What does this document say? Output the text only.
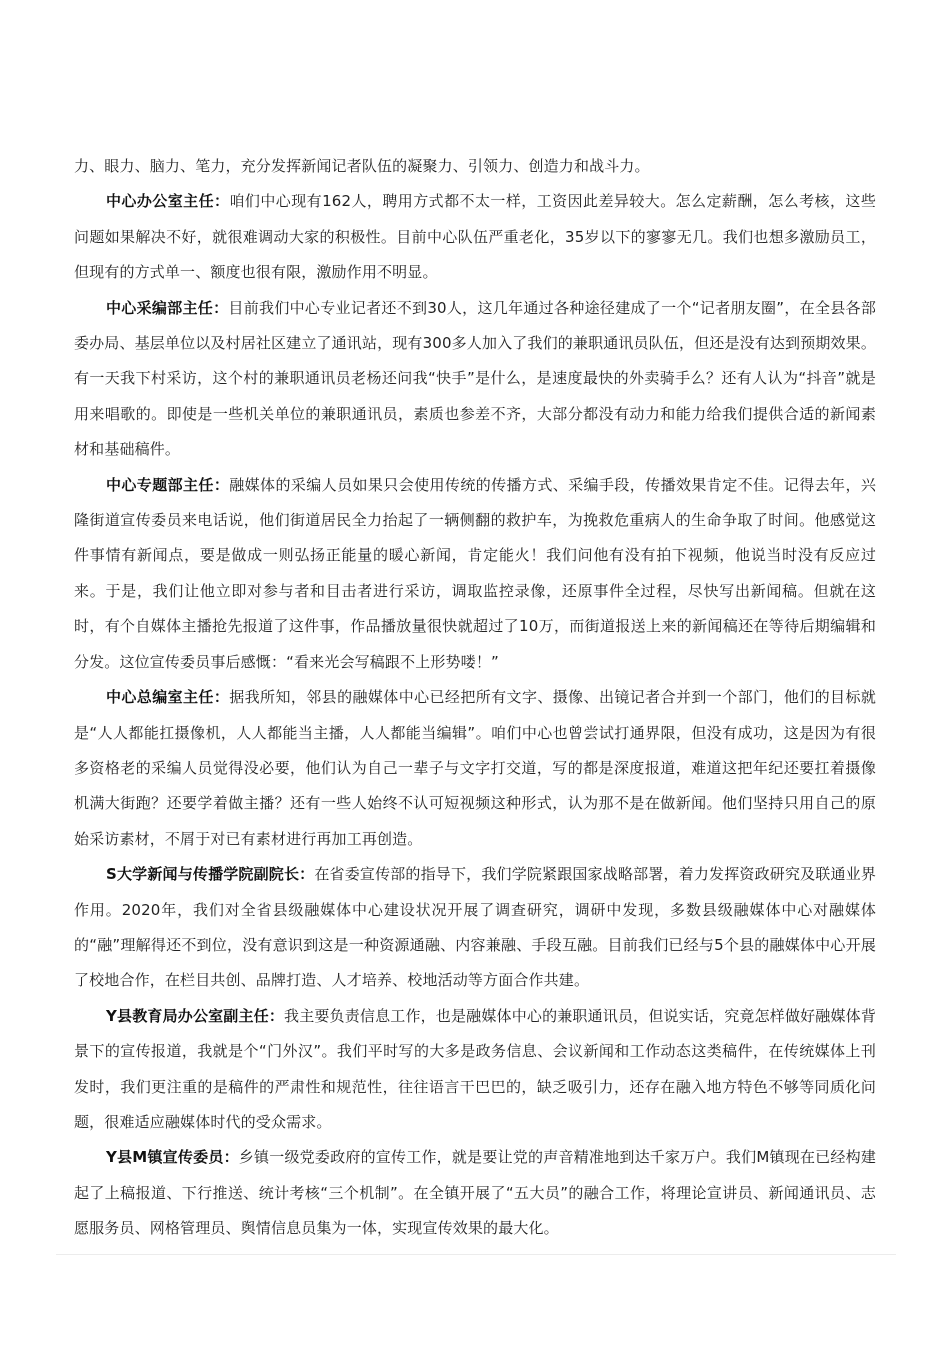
力、眼力、脑力、笔力，充分发挥新闻记者队伍的凝聚力、引领力、创造力和战斗力。

中心办公室主任：咱们中心现有162人，聘用方式都不太一样，工资因此差异较大。怎么定薪酬，怎么考核，这些问题如果解决不好，就很难调动大家的积极性。目前中心队伍严重老化，35岁以下的寥寥无几。我们也想多激励员工，但现有的方式单一、额度也很有限，激励作用不明显。

中心采编部主任：目前我们中心专业记者还不到30人，这几年通过各种途径建成了一个“记者朋友圈”，在全县各部委办局、基层单位以及村居社区建立了通讯站，现有300多人加入了我们的兼职通讯员队伍，但还是没有达到预期效果。有一天我下村采访，这个村的兼职通讯员老杨还问我“快手”是什么，是速度最快的外卖骑手么？还有人认为“抖音”就是用来唱歌的。即使是一些机关单位的兼职通讯员，素质也参差不齐，大部分都没有动力和能力给我们提供合适的新闻素材和基础稿件。

中心专题部主任：融媒体的采编人员如果只会使用传统的传播方式、采编手段，传播效果肯定不佳。记得去年，兴隆街道宣传委员来电话说，他们街道居民全力抬起了一辆侧翻的救护车，为挽救危重病人的生命争取了时间。他感觉这件事情有新闻点，要是做成一则弘扬正能量的暖心新闻，肯定能火！我们问他有没有拍下视频，他说当时没有反应过来。于是，我们让他立即对参与者和目击者进行采访，调取监控录像，还原事件全过程，尽快写出新闻稿。但就在这时，有个自媒体主播抢先报道了这件事，作品播放量很快就超过了10万，而街道报送上来的新闻稿还在等待后期编辑和分发。这位宣传委员事后感慨：“看来光会写稿跟不上形势喽！”

中心总编室主任：据我所知，邻县的融媒体中心已经把所有文字、摄像、出镜记者合并到一个部门，他们的目标就是“人人都能扛摄像机，人人都能当主播，人人都能当编辑”。咱们中心也曾尝试打通界限，但没有成功，这是因为有很多资格老的采编人员觉得没必要，他们认为自己一辈子与文字打交道，写的都是深度报道，难道这把年纪还要扛着摄像机满大街跑？还要学着做主播？还有一些人始终不认可短视频这种形式，认为那不是在做新闻。他们坚持只用自己的原始采访素材，不屑于对已有素材进行再加工再创造。

S大学新闻与传播学院副院长：在省委宣传部的指导下，我们学院紧跟国家战略部署，着力发挥资政研究及联通业界作用。2020年，我们对全省县级融媒体中心建设状况开展了调查研究，调研中发现，多数县级融媒体中心对融媒体的“融”理解得还不到位，没有意识到这是一种资源通融、内容兼融、手段互融。目前我们已经与5个县的融媒体中心开展了校地合作，在栏目共创、品牌打造、人才培养、校地活动等方面合作共建。

Y县教育局办公室副主任：我主要负责信息工作，也是融媒体中心的兼职通讯员，但说实话，究竟怎样做好融媒体背景下的宣传报道，我就是个“门外汉”。我们平时写的大多是政务信息、会议新闻和工作动态这类稿件，在传统媒体上刊发时，我们更注重的是稿件的严肃性和规范性，往往语言干巴巴的，缺乏吸引力，还存在融入地方特色不够等同质化问题，很难适应融媒体时代的受众需求。

Y县M镇宣传委员：乡镇一级党委政府的宣传工作，就是要让党的声音精准地到达千家万户。我们M镇现在已经构建起了上稿报道、下行推送、统计考核“三个机制”。在全镇开展了“五大员”的融合工作，将理论宣讲员、新闻通讯员、志愿服务员、网格管理员、舆情信息员集为一体，实现宣传效果的最大化。
